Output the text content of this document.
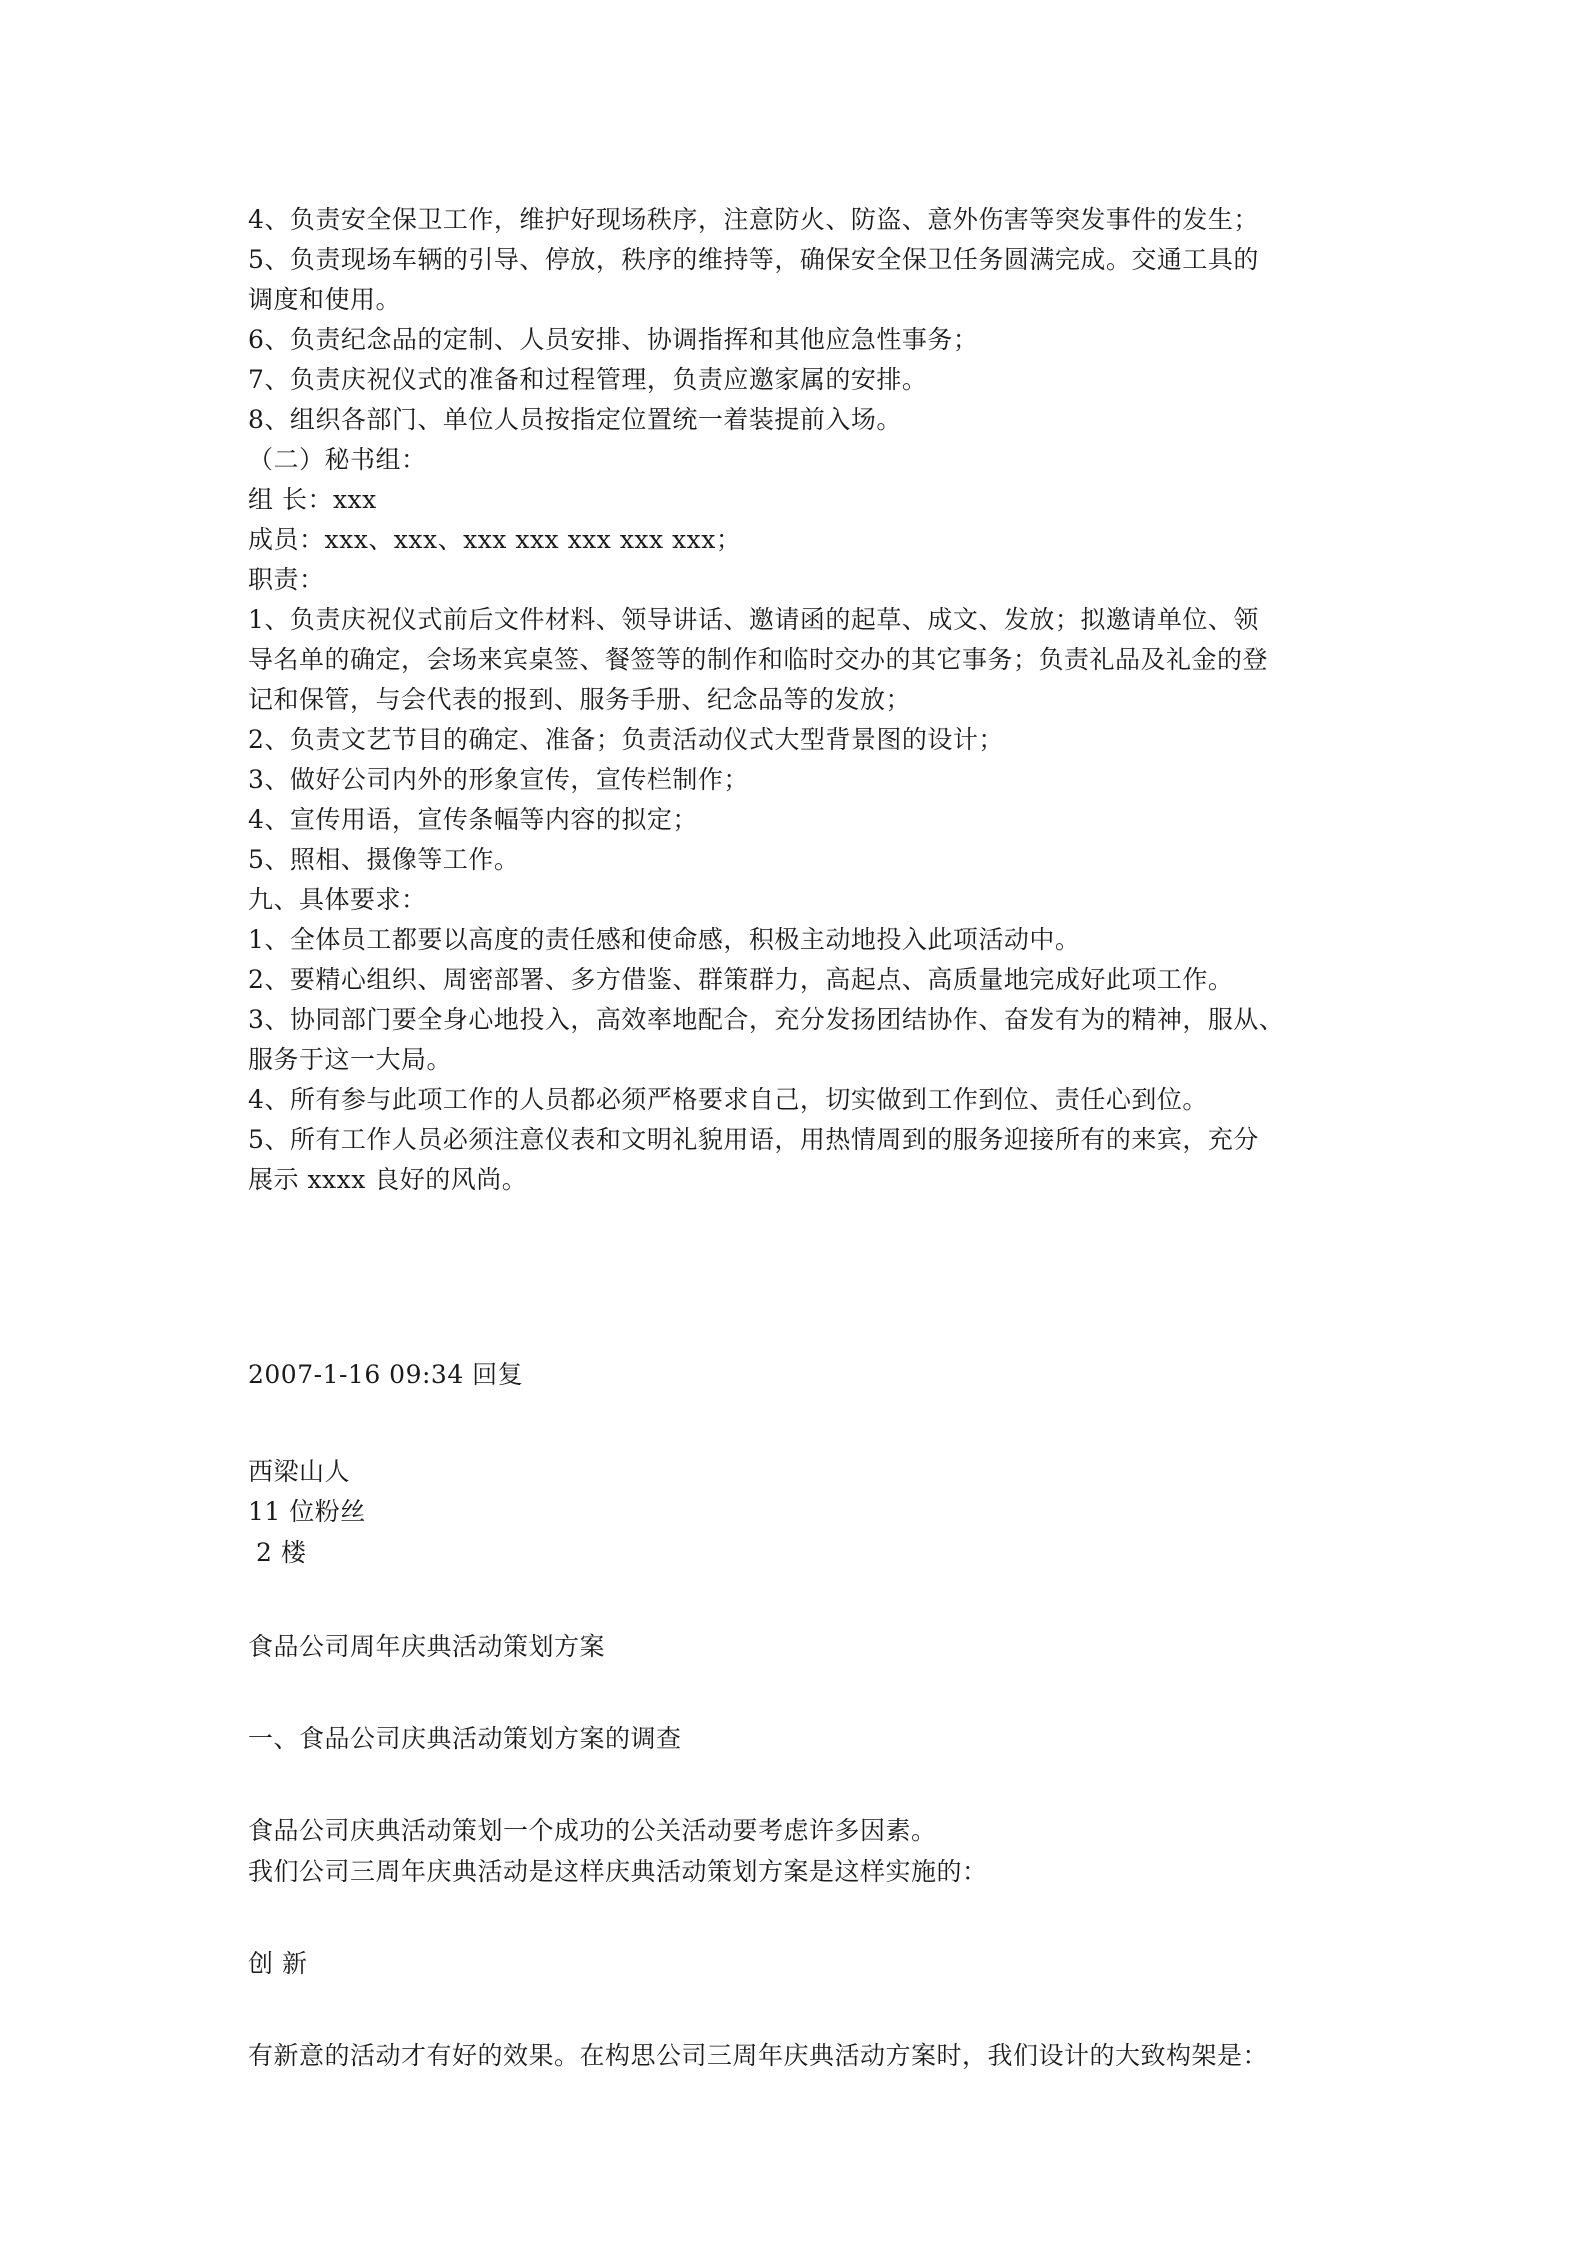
4、负责安全保卫工作，维护好现场秩序，注意防火、防盗、意外伤害等突发事件的发生；
5、负责现场车辆的引导、停放，秩序的维持等，确保安全保卫任务圆满完成。交通工具的
调度和使用。
6、负责纪念品的定制、人员安排、协调指挥和其他应急性事务；
7、负责庆祝仪式的准备和过程管理，负责应邀家属的安排。
8、组织各部门、单位人员按指定位置统一着装提前入场。
（二）秘书组：
组 长：xxx
成员：xxx、xxx、xxx xxx xxx xxx xxx；
职责：
1、负责庆祝仪式前后文件材料、领导讲话、邀请函的起草、成文、发放；拟邀请单位、领
导名单的确定，会场来宾桌签、餐签等的制作和临时交办的其它事务；负责礼品及礼金的登
记和保管，与会代表的报到、服务手册、纪念品等的发放；
2、负责文艺节目的确定、准备；负责活动仪式大型背景图的设计；
3、做好公司内外的形象宣传，宣传栏制作；
4、宣传用语，宣传条幅等内容的拟定；
5、照相、摄像等工作。
九、具体要求：
1、全体员工都要以高度的责任感和使命感，积极主动地投入此项活动中。
2、要精心组织、周密部署、多方借鉴、群策群力，高起点、高质量地完成好此项工作。
3、协同部门要全身心地投入，高效率地配合，充分发扬团结协作、奋发有为的精神，服从、
服务于这一大局。
4、所有参与此项工作的人员都必须严格要求自己，切实做到工作到位、责任心到位。
5、所有工作人员必须注意仪表和文明礼貌用语，用热情周到的服务迎接所有的来宾，充分
展示 xxxx 良好的风尚。
2007-1-16 09:34 回复
西梁山人
11 位粉丝
2 楼
食品公司周年庆典活动策划方案
一、食品公司庆典活动策划方案的调查
食品公司庆典活动策划一个成功的公关活动要考虑许多因素。
我们公司三周年庆典活动是这样庆典活动策划方案是这样实施的：
创 新
有新意的活动才有好的效果。在构思公司三周年庆典活动方案时，我们设计的大致构架是：
